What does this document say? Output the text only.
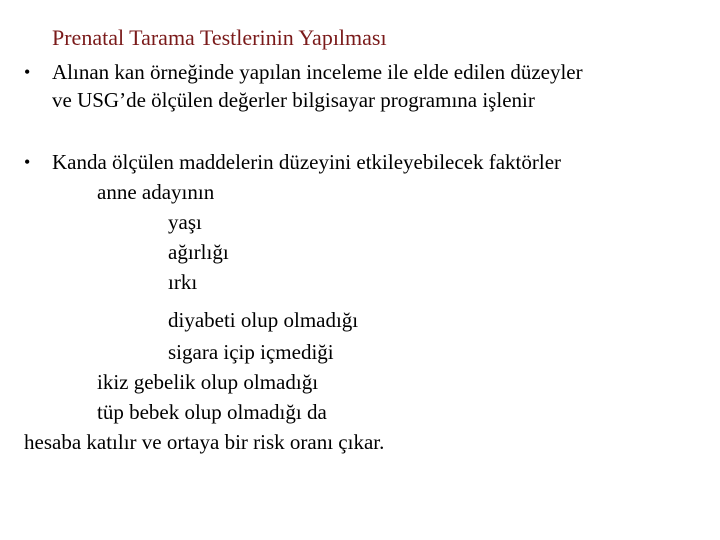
Prenatal Tarama Testlerinin Yapılması
• Alınan kan örneğinde yapılan inceleme ile elde edilen düzeyler
ve USG’de ölçülen değerler bilgisayar programına işlenir
• Kanda ölçülen maddelerin düzeyini etkileyebilecek faktörler
anne adayının
yaşı
ağırlığı
ırkı
diyabeti olup olmadığı
sigara içip içmediği
ikiz gebelik olup olmadığı
tüp bebek olup olmadığı da
hesaba katılır ve ortaya bir risk oranı çıkar.
